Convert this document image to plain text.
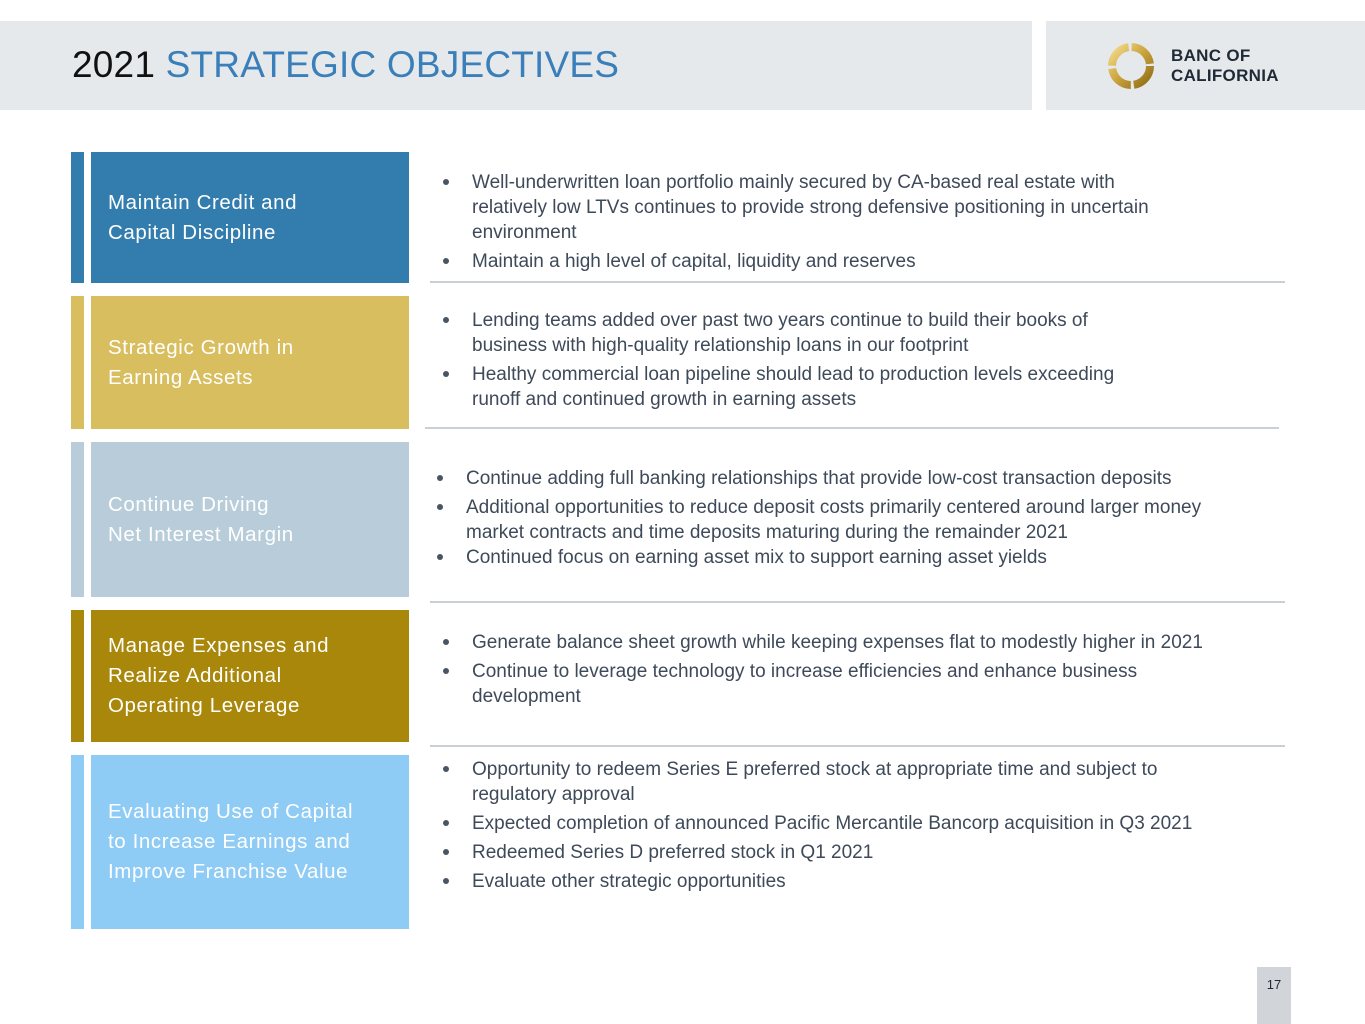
2021 STRATEGIC OBJECTIVES	BANC OF
CALIFORNIA
Maintain Credit and
Capital Discipline
Well-underwritten loan portfolio mainly secured by CA-based real estate with
relatively low LTVs continues to provide strong defensive positioning in uncertain
environment
Maintain a high level of capital, liquidity and reserves
Strategic Growth in
Earning Assets
Lending teams added over past two years continue to build their books of
business with high-quality relationship loans in our footprint
Healthy commercial loan pipeline should lead to production levels exceeding
runoff and continued growth in earning assets
Continue Driving
Net Interest Margin
Continue adding full banking relationships that provide low-cost transaction deposits
Additional opportunities to reduce deposit costs primarily centered around larger money
market contracts and time deposits maturing during the remainder 2021
Continued focus on earning asset mix to support earning asset yields
Manage Expenses and
Realize Additional
Operating Leverage
Generate balance sheet growth while keeping expenses flat to modestly higher in 2021
Continue to leverage technology to increase efficiencies and enhance business
development
Evaluating Use of Capital
to Increase Earnings and
Improve Franchise Value
Opportunity to redeem Series E preferred stock at appropriate time and subject to
regulatory approval
Expected completion of announced Pacific Mercantile Bancorp acquisition in Q3 2021
Redeemed Series D preferred stock in Q1 2021
Evaluate other strategic opportunities
17
